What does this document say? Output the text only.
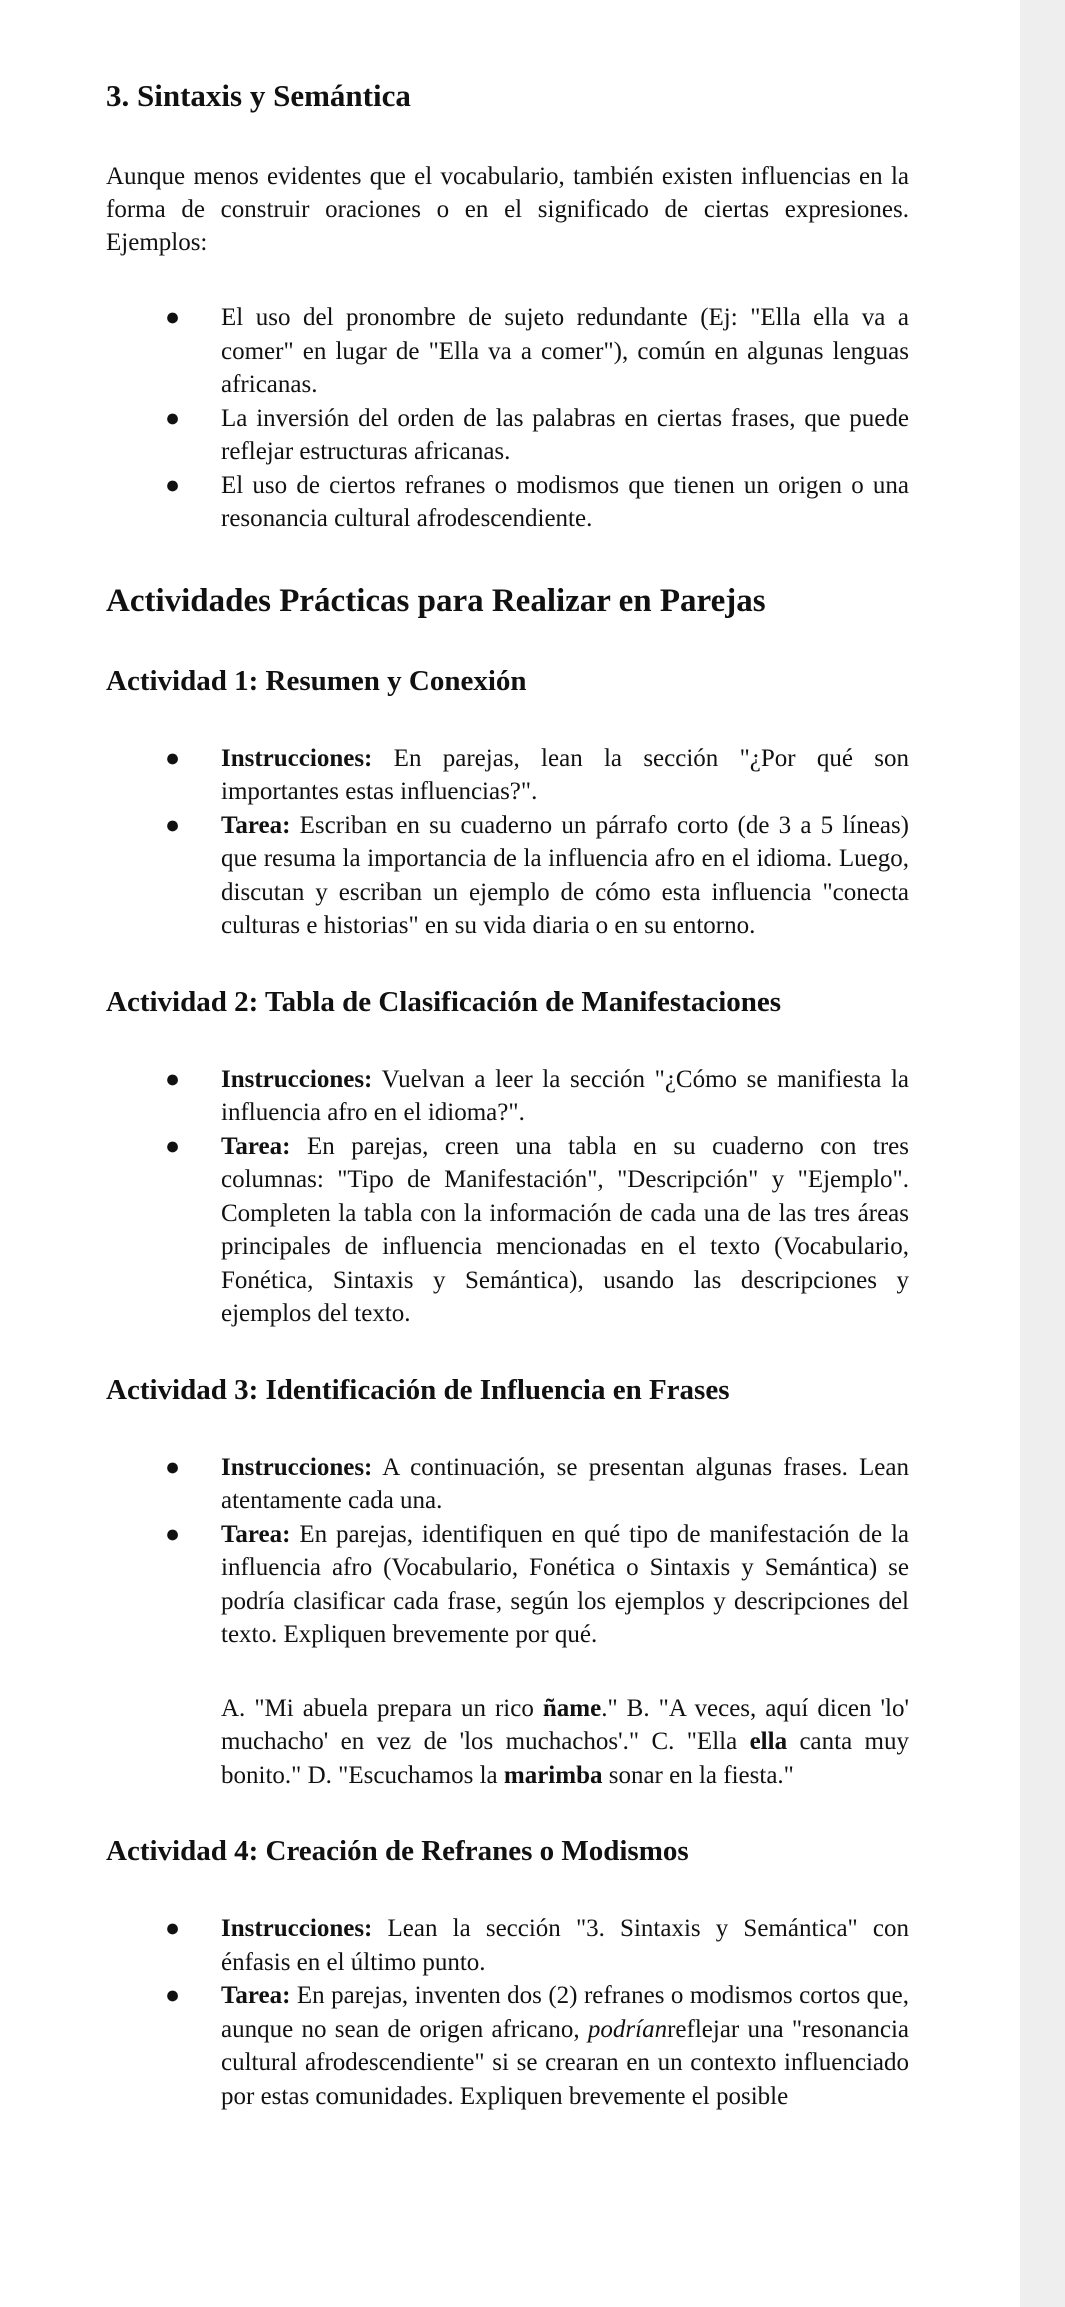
3. Sintaxis y Semántica

Aunque menos evidentes que el vocabulario, también existen influencias en la forma de construir oraciones o en el significado de ciertas expresiones. Ejemplos:

● El uso del pronombre de sujeto redundante (Ej: "Ella ella va a comer" en lugar de "Ella va a comer"), común en algunas lenguas africanas.
● La inversión del orden de las palabras en ciertas frases, que puede reflejar estructuras africanas.
● El uso de ciertos refranes o modismos que tienen un origen o una resonancia cultural afrodescendiente.
Actividades Prácticas para Realizar en Parejas
Actividad 1: Resumen y Conexión
● Instrucciones: En parejas, lean la sección "¿Por qué son importantes estas influencias?".
● Tarea: Escriban en su cuaderno un párrafo corto (de 3 a 5 líneas) que resuma la importancia de la influencia afro en el idioma. Luego, discutan y escriban un ejemplo de cómo esta influencia "conecta culturas e historias" en su vida diaria o en su entorno.
Actividad 2: Tabla de Clasificación de Manifestaciones
● Instrucciones: Vuelvan a leer la sección "¿Cómo se manifiesta la influencia afro en el idioma?".
● Tarea: En parejas, creen una tabla en su cuaderno con tres columnas: "Tipo de Manifestación", "Descripción" y "Ejemplo". Completen la tabla con la información de cada una de las tres áreas principales de influencia mencionadas en el texto (Vocabulario, Fonética, Sintaxis y Semántica), usando las descripciones y ejemplos del texto.
Actividad 3: Identificación de Influencia en Frases
● Instrucciones: A continuación, se presentan algunas frases. Lean atentamente cada una.
● Tarea: En parejas, identifiquen en qué tipo de manifestación de la influencia afro (Vocabulario, Fonética o Sintaxis y Semántica) se podría clasificar cada frase, según los ejemplos y descripciones del texto. Expliquen brevemente por qué.

A. "Mi abuela prepara un rico ñame." B. "A veces, aquí dicen 'lo' muchacho' en vez de 'los muchachos'." C. "Ella ella canta muy bonito." D. "Escuchamos la marimba sonar en la fiesta."

Actividad 4: Creación de Refranes o Modismos
● Instrucciones: Lean la sección "3. Sintaxis y Semántica" con énfasis en el último punto.
● Tarea: En parejas, inventen dos (2) refranes o modismos cortos que, aunque no sean de origen africano, podríanreflejar una "resonancia cultural afrodescendiente" si se crearan en un contexto influenciado por estas comunidades. Expliquen brevemente el posible
